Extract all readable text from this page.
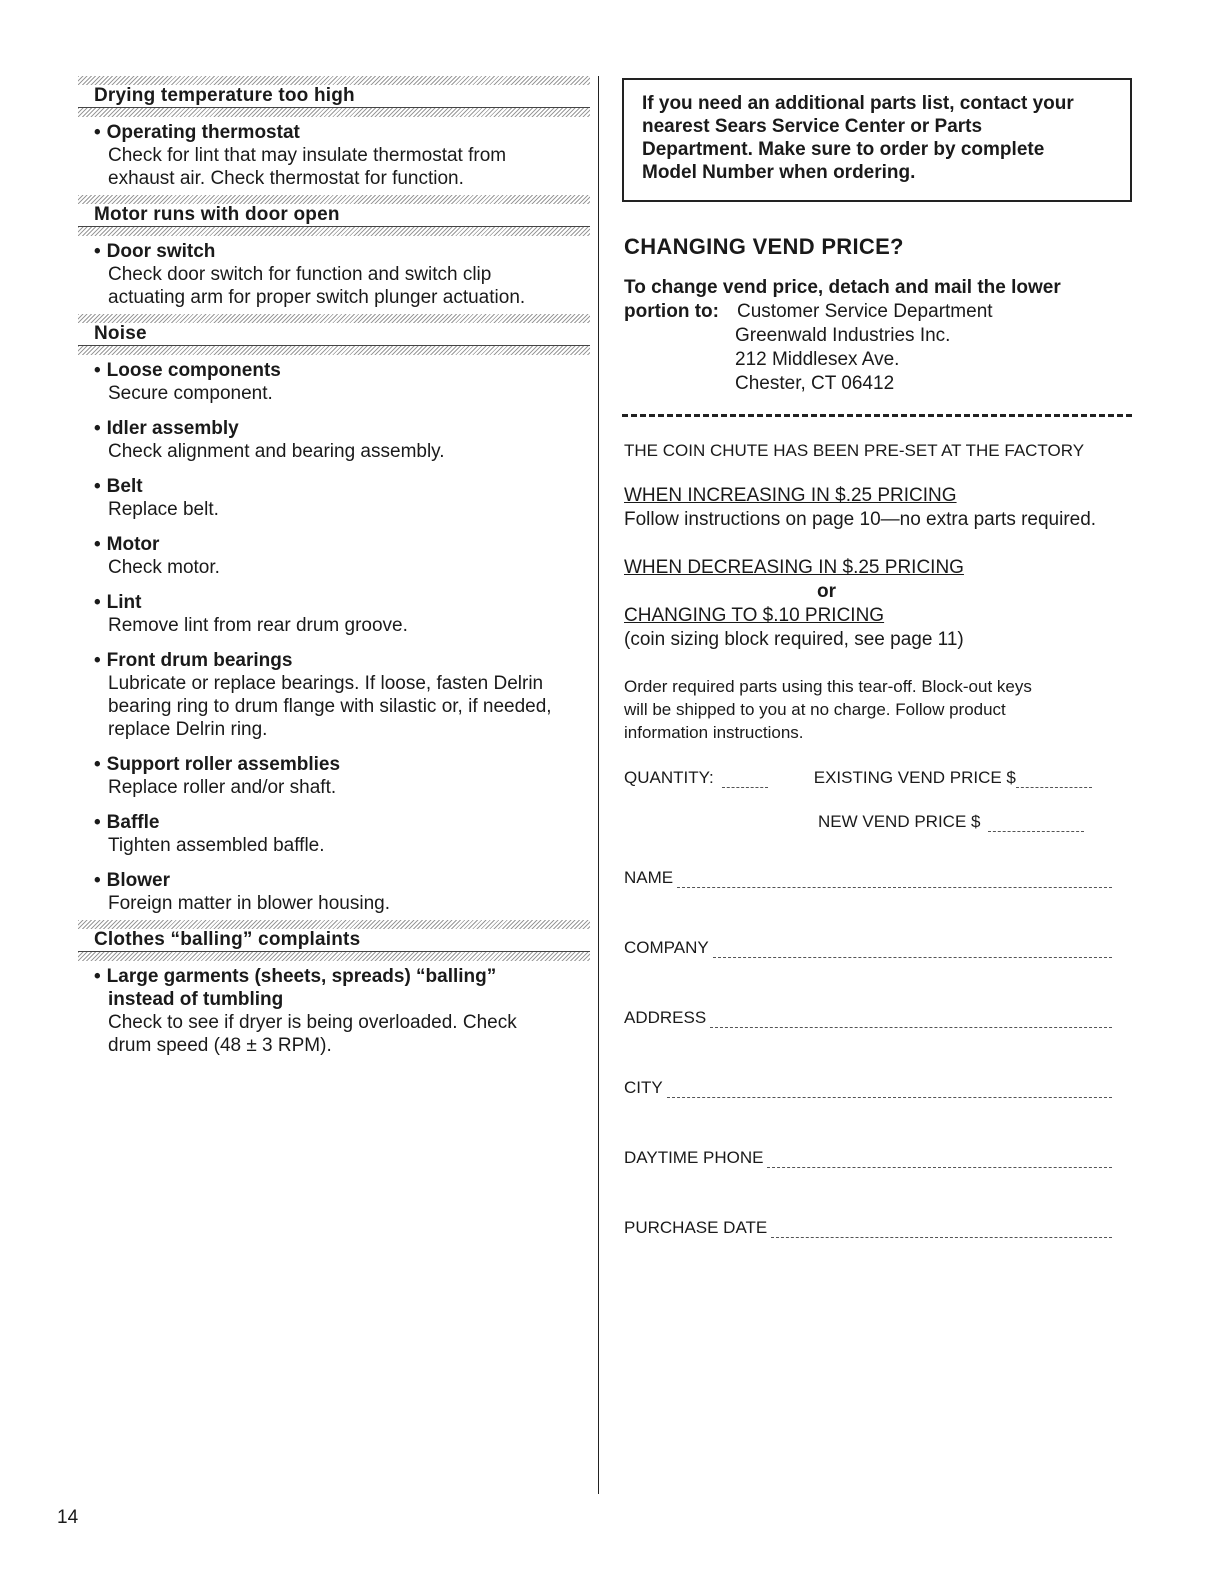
Drying temperature too high
• Operating thermostat
Check for lint that may insulate thermostat from
exhaust air. Check thermostat for function.
Motor runs with door open
• Door switch
Check door switch for function and switch clip
actuating arm for proper switch plunger actuation.
Noise
• Loose components
Secure component.
• Idler assembly
Check alignment and bearing assembly.
• Belt
Replace belt.
• Motor
Check motor.
• Lint
Remove lint from rear drum groove.
• Front drum bearings
Lubricate or replace bearings. If loose, fasten Delrin
bearing ring to drum flange with silastic or, if needed,
replace Delrin ring.
• Support roller assemblies
Replace roller and/or shaft.
• Baffle
Tighten assembled baffle.
• Blower
Foreign matter in blower housing.
Clothes “balling” complaints
• Large garments (sheets, spreads) “balling”
instead of tumbling
Check to see if dryer is being overloaded. Check
drum speed (48 ± 3 RPM).
If you need an additional parts list, contact your
nearest Sears Service Center or Parts
Department. Make sure to order by complete
Model Number when ordering.
CHANGING VEND PRICE?
To change vend price, detach and mail the lower
portion to: Customer Service Department
Greenwald Industries Inc.
212 Middlesex Ave.
Chester, CT 06412
THE COIN CHUTE HAS BEEN PRE-SET AT THE FACTORY
WHEN INCREASING IN $.25 PRICING
Follow instructions on page 10—no extra parts required.
WHEN DECREASING IN $.25 PRICING
or
CHANGING TO $.10 PRICING
(coin sizing block required, see page 11)
Order required parts using this tear-off. Block-out keys
will be shipped to you at no charge. Follow product
information instructions.
QUANTITY:	EXISTING VEND PRICE $
NEW VEND PRICE $
NAME
COMPANY
ADDRESS
CITY
DAYTIME PHONE
PURCHASE DATE
14
